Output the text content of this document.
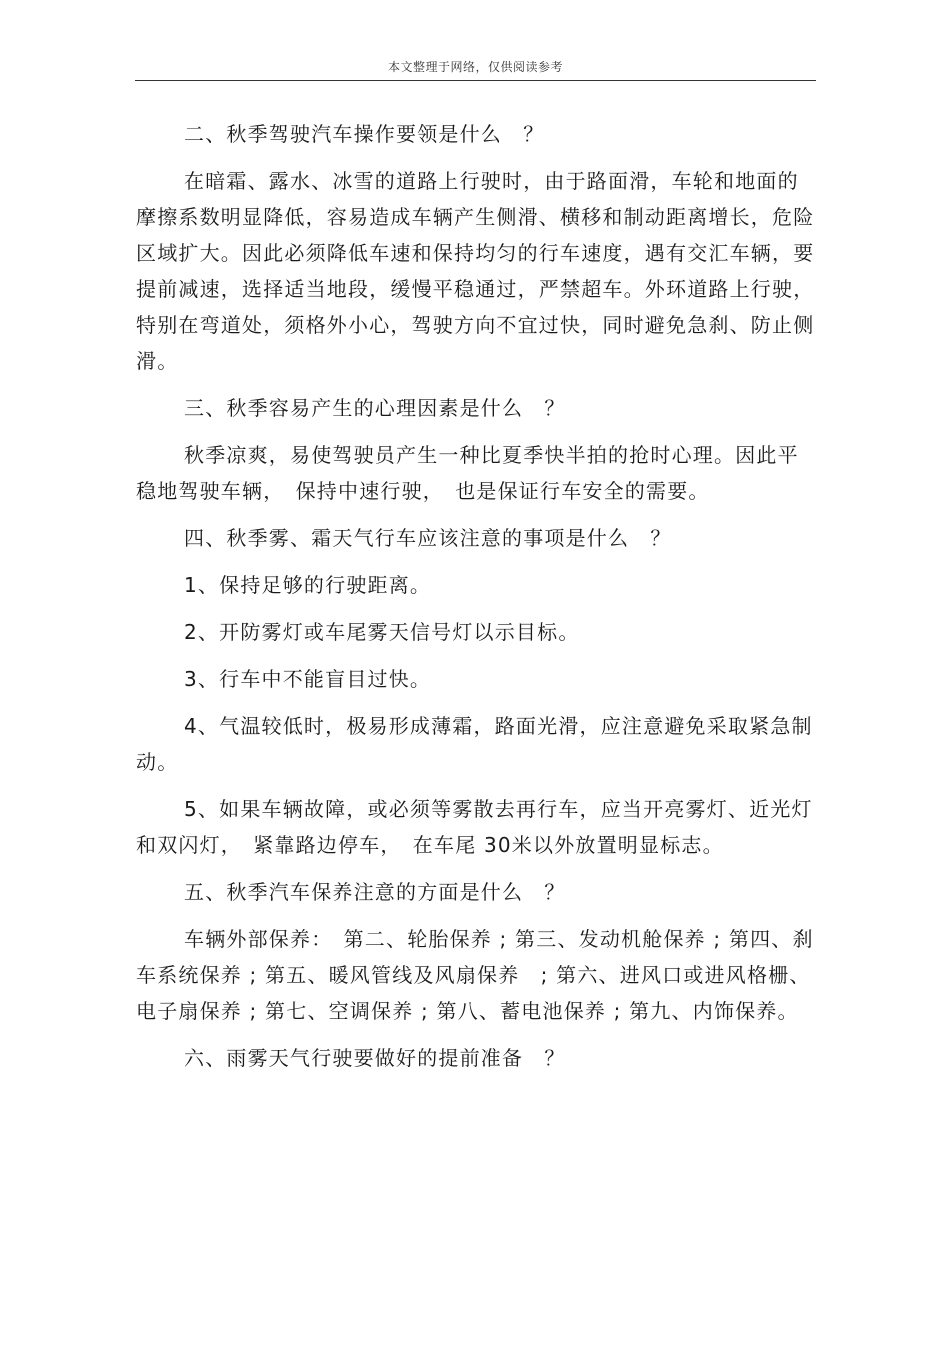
本文整理于网络，仅供阅读参考
二、秋季驾驶汽车操作要领是什么　？
在暗霜、露水、冰雪的道路上行驶时，由于路面滑，车轮和地面的摩擦系数明显降低，容易造成车辆产生侧滑、横移和制动距离增长，危险区域扩大。因此必须降低车速和保持均匀的行车速度，遇有交汇车辆，要提前减速，选择适当地段，缓慢平稳通过，严禁超车。外环道路上行驶，特别在弯道处，须格外小心，驾驶方向不宜过快，同时避免急刹、防止侧滑。
三、秋季容易产生的心理因素是什么　？
秋季凉爽，易使驾驶员产生一种比夏季快半拍的抢时心理。因此平稳地驾驶车辆，　保持中速行驶，　也是保证行车安全的需要。
四、秋季雾、霜天气行车应该注意的事项是什么　？
1、保持足够的行驶距离。
2、开防雾灯或车尾雾天信号灯以示目标。
3、行车中不能盲目过快。
4、气温较低时，极易形成薄霜，路面光滑，应注意避免采取紧急制动。
5、如果车辆故障，或必须等雾散去再行车，应当开亮雾灯、近光灯和双闪灯，　紧靠路边停车，　在车尾 30米以外放置明显标志。
五、秋季汽车保养注意的方面是什么　？
车辆外部保养：　第二、轮胎保养 ; 第三、发动机舱保养 ; 第四、刹车系统保养 ; 第五、暖风管线及风扇保养　; 第六、进风口或进风格栅、电子扇保养 ; 第七、空调保养 ; 第八、蓄电池保养 ; 第九、内饰保养。
六、雨雾天气行驶要做好的提前准备　？
